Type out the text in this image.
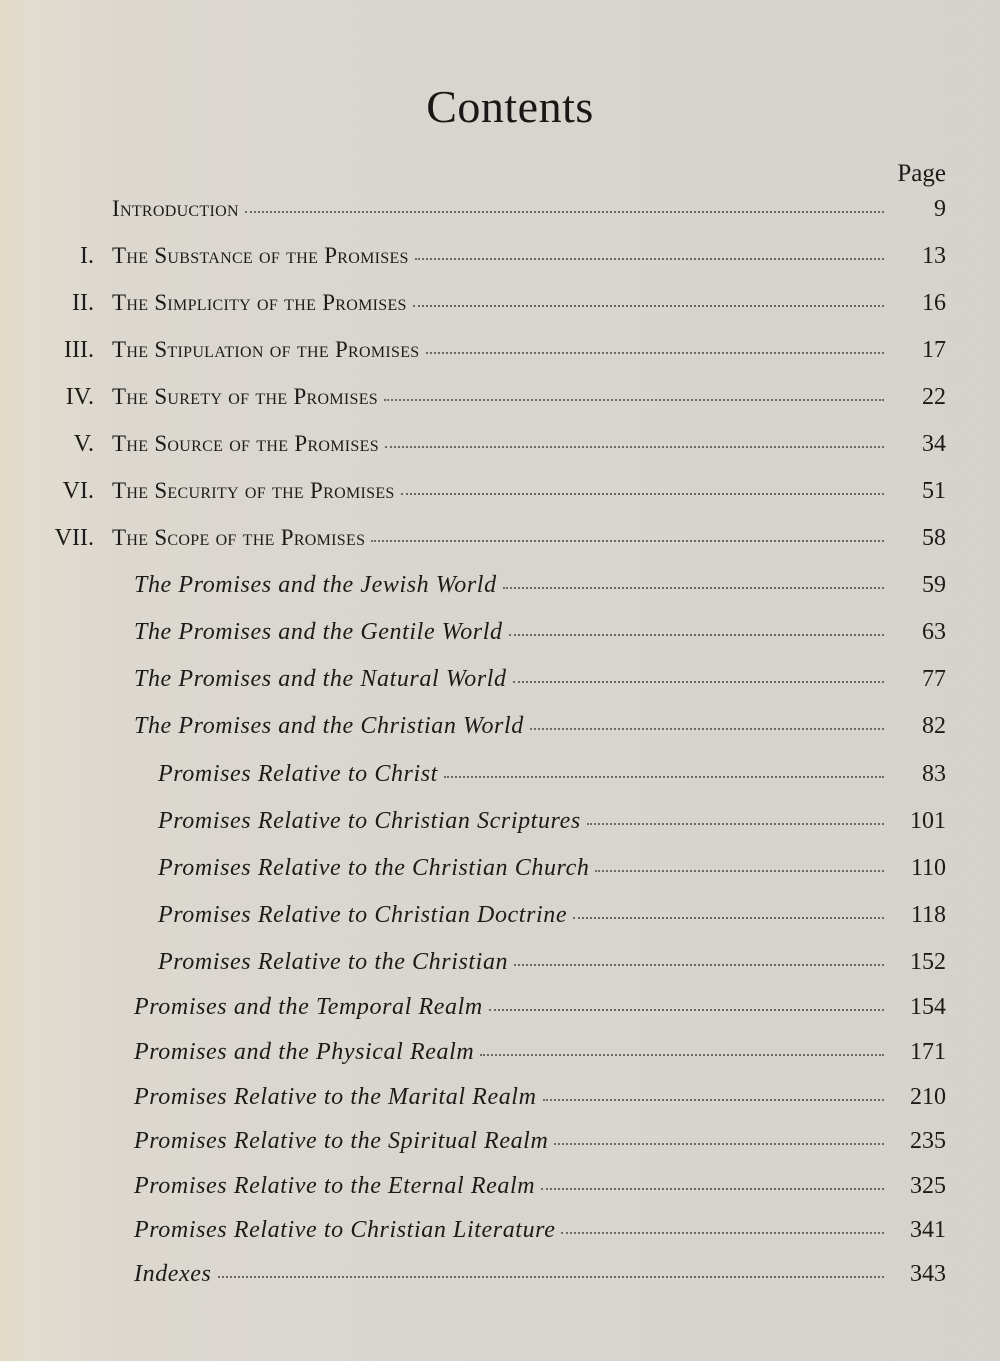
Contents
Page
Introduction	9
I. The Substance of the Promises	13
II. The Simplicity of the Promises	16
III. The Stipulation of the Promises	17
IV. The Surety of the Promises	22
V. The Source of the Promises	34
VI. The Security of the Promises	51
VII. The Scope of the Promises	58
The Promises and the Jewish World	59
The Promises and the Gentile World	63
The Promises and the Natural World	77
The Promises and the Christian World	82
Promises Relative to Christ	83
Promises Relative to Christian Scriptures	101
Promises Relative to the Christian Church	110
Promises Relative to Christian Doctrine	118
Promises Relative to the Christian	152
Promises and the Temporal Realm	154
Promises and the Physical Realm	171
Promises Relative to the Marital Realm	210
Promises Relative to the Spiritual Realm	235
Promises Relative to the Eternal Realm	325
Promises Relative to Christian Literature	341
Indexes	343
